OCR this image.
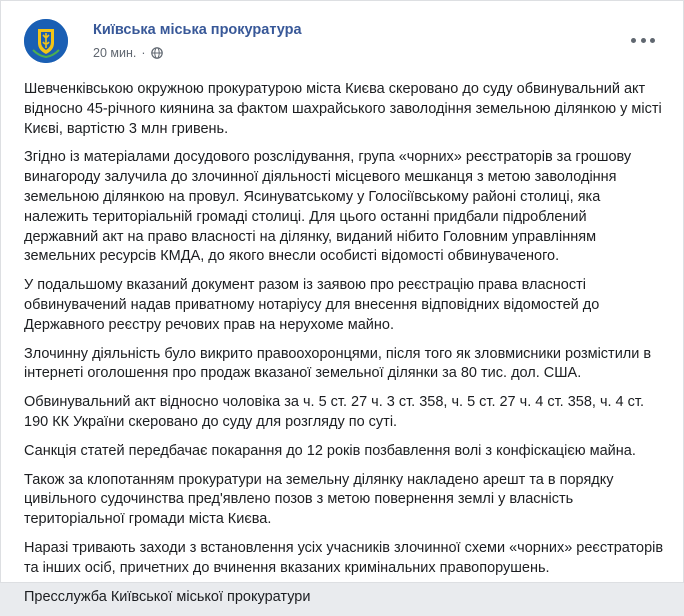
Київська міська прокуратура
20 мин. ·

Шевченківською окружною прокуратурою міста Києва скеровано до суду обвинувальний акт відносно 45-річного киянина за фактом шахрайського заволодіння земельною ділянкою у місті Києві, вартістю 3 млн гривень.

Згідно із матеріалами досудового розслідування, група «чорних» реєстраторів за грошову винагороду залучила до злочинної діяльності місцевого мешканця з метою заволодіння земельною ділянкою на провул. Ясинуватському у Голосіївському районі столиці, яка належить територіальній громаді столиці. Для цього останні придбали підроблений державний акт на право власності на ділянку, виданий нібито Головним управлінням земельних ресурсів КМДА, до якого внесли особисті відомості обвинуваченого.

У подальшому вказаний документ разом із заявою про реєстрацію права власності обвинувачений надав приватному нотаріусу для внесення відповідних відомостей до Державного реєстру речових прав на нерухоме майно.

Злочинну діяльність було викрито правоохоронцями, після того як зловмисники розмістили в інтернеті оголошення про продаж вказаної земельної ділянки за 80 тис. дол. США.

Обвинувальний акт відносно чоловіка за ч. 5 ст. 27 ч. 3 ст. 358, ч. 5 ст. 27 ч. 4 ст. 358, ч. 4 ст. 190 КК України скеровано до суду для розгляду по суті.

Санкція статей передбачає покарання до 12 років позбавлення волі з конфіскацією майна.

Також за клопотанням прокуратури на земельну ділянку накладено арешт та в порядку цивільного судочинства пред'явлено позов з метою повернення землі у власність територіальної громади міста Києва.

Наразі тривають заходи з встановлення усіх учасників злочинної схеми «чорних» реєстраторів та інших осіб, причетних до вчинення вказаних кримінальних правопорушень.

Пресслужба Київської міської прокуратури
